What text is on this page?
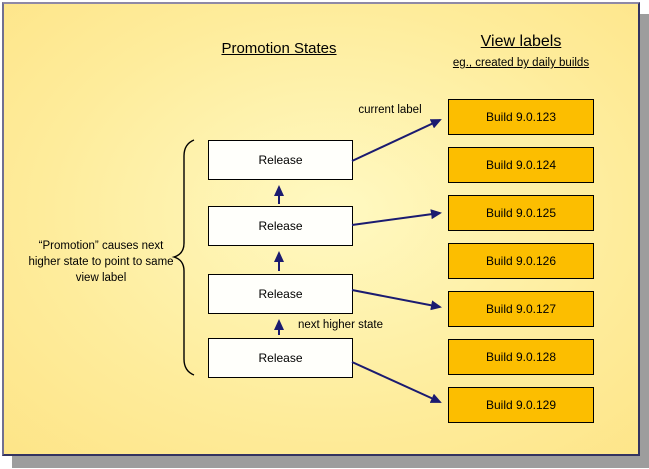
Promotion States	View labels
eg., created by daily builds
“Promotion” causes next higher state to point to same view label
current label
next higher state
Release
Release
Release
Release
Build 9.0.123
Build 9.0.124
Build 9.0.125
Build 9.0.126
Build 9.0.127
Build 9.0.128
Build 9.0.129
